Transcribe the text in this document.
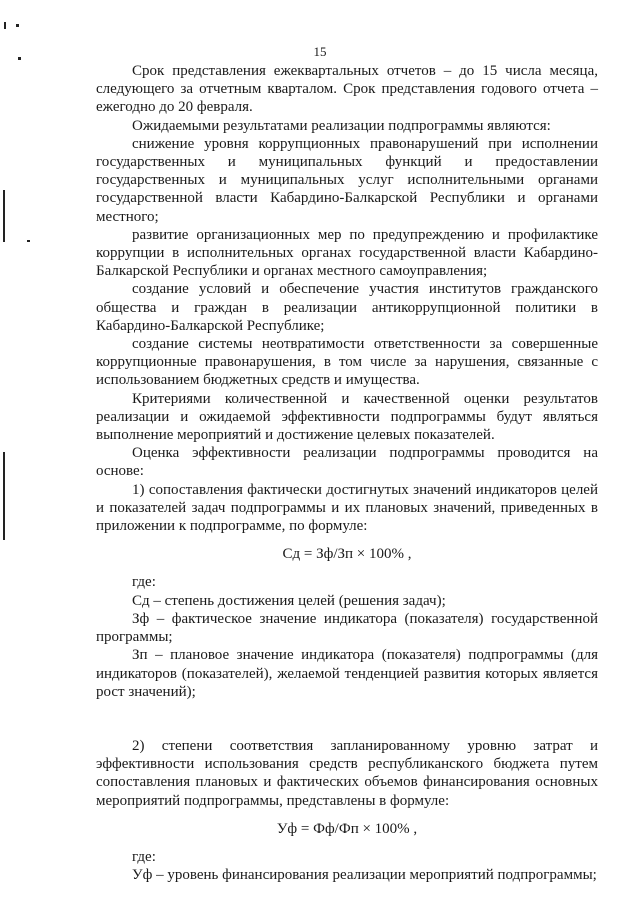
15

Срок представления ежеквартальных отчетов – до 15 числа месяца, следующего за отчетным кварталом. Срок представления годового отчета – ежегодно до 20 февраля.

Ожидаемыми результатами реализации подпрограммы являются:

снижение уровня коррупционных правонарушений при исполнении государственных и муниципальных функций и предоставлении государственных и муниципальных услуг исполнительными органами государственной власти Кабардино-Балкарской Республики и органами местного;

развитие организационных мер по предупреждению и профилактике коррупции в исполнительных органах государственной власти Кабардино-Балкарской Республики и органах местного самоуправления;

создание условий и обеспечение участия институтов гражданского общества и граждан в реализации антикоррупционной политики в Кабардино-Балкарской Республике;

создание системы неотвратимости ответственности за совершенные коррупционные правонарушения, в том числе за нарушения, связанные с использованием бюджетных средств и имущества.

Критериями количественной и качественной оценки результатов реализации и ожидаемой эффективности подпрограммы будут являться выполнение мероприятий и достижение целевых показателей.

Оценка эффективности реализации подпрограммы проводится на основе:

1) сопоставления фактически достигнутых значений индикаторов целей и показателей задач подпрограммы и их плановых значений, приведенных в приложении к подпрограмме, по формуле:

Сд = Зф/Зп × 100% ,

где:

Сд – степень достижения целей (решения задач);

Зф – фактическое значение индикатора (показателя) государственной программы;

Зп – плановое значение индикатора (показателя) подпрограммы (для индикаторов (показателей), желаемой тенденцией развития которых является рост значений);

2) степени соответствия запланированному уровню затрат и эффективности использования средств республиканского бюджета путем сопоставления плановых и фактических объемов финансирования основных мероприятий подпрограммы, представлены в формуле:

Уф = Фф/Фп × 100% ,

где:

Уф – уровень финансирования реализации мероприятий подпрограммы;
